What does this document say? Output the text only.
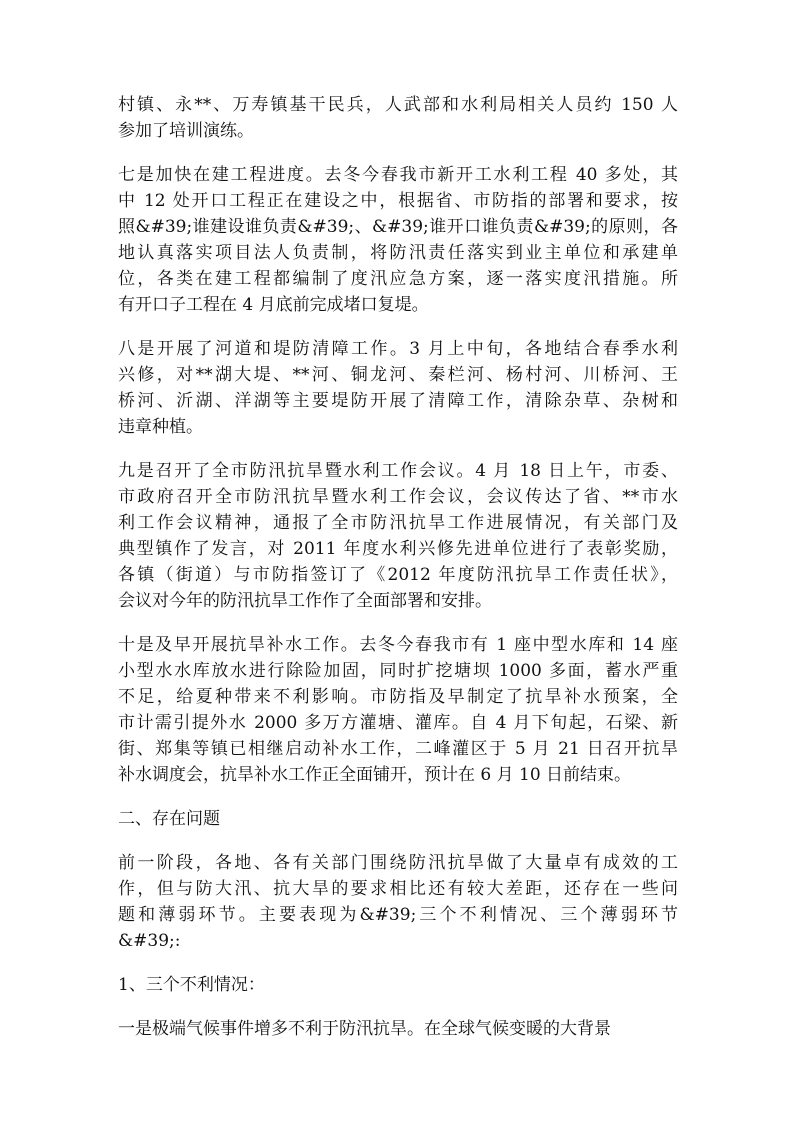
村镇、永**、万寿镇基干民兵，人武部和水利局相关人员约 150 人
参加了培训演练。

七是加快在建工程进度。去冬今春我市新开工水利工程 40 多处，其
中 12 处开口工程正在建设之中，根据省、市防指的部署和要求，按
照&#39;谁建设谁负责&#39;、&#39;谁开口谁负责&#39;的原则，各
地认真落实项目法人负责制，将防汛责任落实到业主单位和承建单
位，各类在建工程都编制了度汛应急方案，逐一落实度汛措施。所
有开口子工程在 4 月底前完成堵口复堤。

八是开展了河道和堤防清障工作。3 月上中旬，各地结合春季水利
兴修，对**湖大堤、**河、铜龙河、秦栏河、杨村河、川桥河、王
桥河、沂湖、洋湖等主要堤防开展了清障工作，清除杂草、杂树和
违章种植。

九是召开了全市防汛抗旱暨水利工作会议。4 月 18 日上午，市委、
市政府召开全市防汛抗旱暨水利工作会议，会议传达了省、**市水
利工作会议精神，通报了全市防汛抗旱工作进展情况，有关部门及
典型镇作了发言，对 2011 年度水利兴修先进单位进行了表彰奖励，
各镇（街道）与市防指签订了《2012 年度防汛抗旱工作责任状》，
会议对今年的防汛抗旱工作作了全面部署和安排。

十是及早开展抗旱补水工作。去冬今春我市有 1 座中型水库和 14 座
小型水水库放水进行除险加固，同时扩挖塘坝 1000 多面，蓄水严重
不足，给夏种带来不利影响。市防指及早制定了抗旱补水预案，全
市计需引提外水 2000 多万方灌塘、灌库。自 4 月下旬起，石梁、新
街、郑集等镇已相继启动补水工作，二峰灌区于 5 月 21 日召开抗旱
补水调度会，抗旱补水工作正全面铺开，预计在 6 月 10 日前结束。

二、存在问题

前一阶段，各地、各有关部门围绕防汛抗旱做了大量卓有成效的工
作，但与防大汛、抗大旱的要求相比还有较大差距，还存在一些问
题和薄弱环节。主要表现为&#39;三个不利情况、三个薄弱环节
&#39;:

1、三个不利情况：

一是极端气候事件增多不利于防汛抗旱。在全球气候变暖的大背景
